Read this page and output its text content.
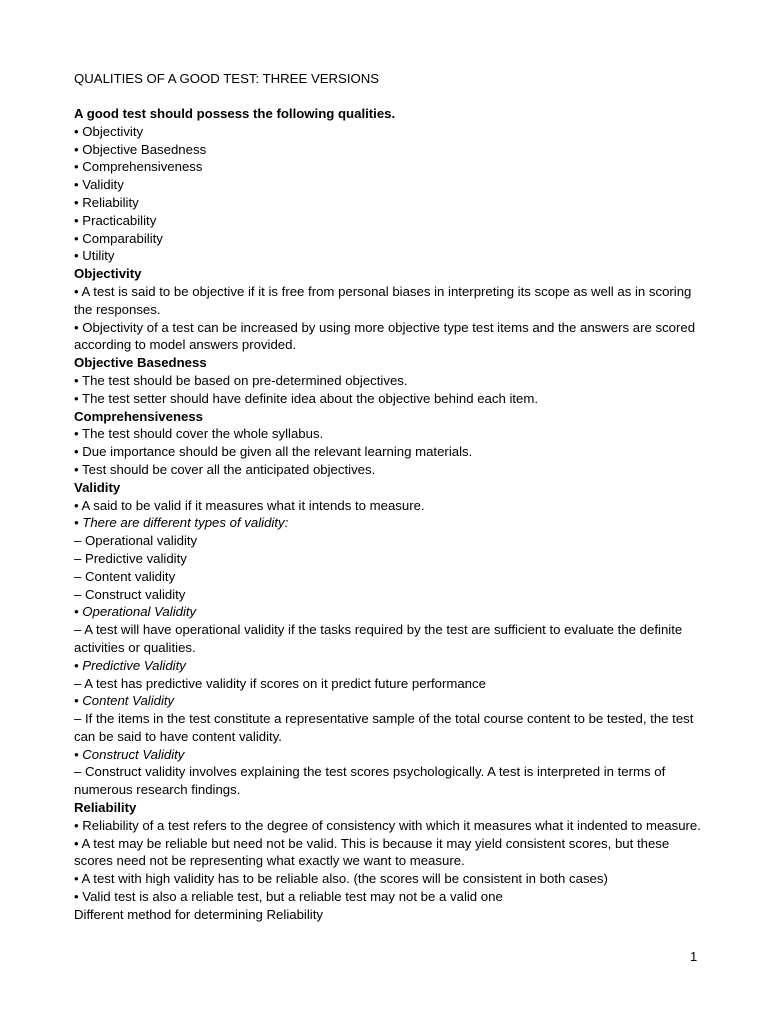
QUALITIES OF A GOOD TEST: THREE VERSIONS

A good test should possess the following qualities.

• Objectivity

• Objective Basedness

• Comprehensiveness

• Validity

• Reliability

• Practicability

• Comparability

• Utility

Objectivity

• A test is said to be objective if it is free from personal biases in interpreting its scope as well as in scoring the responses.

• Objectivity of a test can be increased by using more objective type test items and the answers are scored according to model answers provided.

Objective Basedness

• The test should be based on pre-determined objectives.

• The test setter should have definite idea about the objective behind each item.

Comprehensiveness

• The test should cover the whole syllabus.

• Due importance should be given all the relevant learning materials.

• Test should be cover all the anticipated objectives.

Validity

• A said to be valid if it measures what it intends to measure.

• There are different types of validity:

– Operational validity

– Predictive validity

– Content validity

– Construct validity

• Operational Validity

– A test will have operational validity if the tasks required by the test are sufficient to evaluate the definite activities or qualities.

• Predictive Validity

– A test has predictive validity if scores on it predict future performance

• Content Validity

– If the items in the test constitute a representative sample of the total course content to be tested, the test can be said to have content validity.

• Construct Validity

– Construct validity involves explaining the test scores psychologically. A test is interpreted in terms of numerous research findings.

Reliability

• Reliability of a test refers to the degree of consistency with which it measures what it indented to measure.

• A test may be reliable but need not be valid. This is because it may yield consistent scores, but these scores need not be representing what exactly we want to measure.

• A test with high validity has to be reliable also. (the scores will be consistent in both cases)

• Valid test is also a reliable test, but a reliable test may not be a valid one

Different method for determining Reliability

1
